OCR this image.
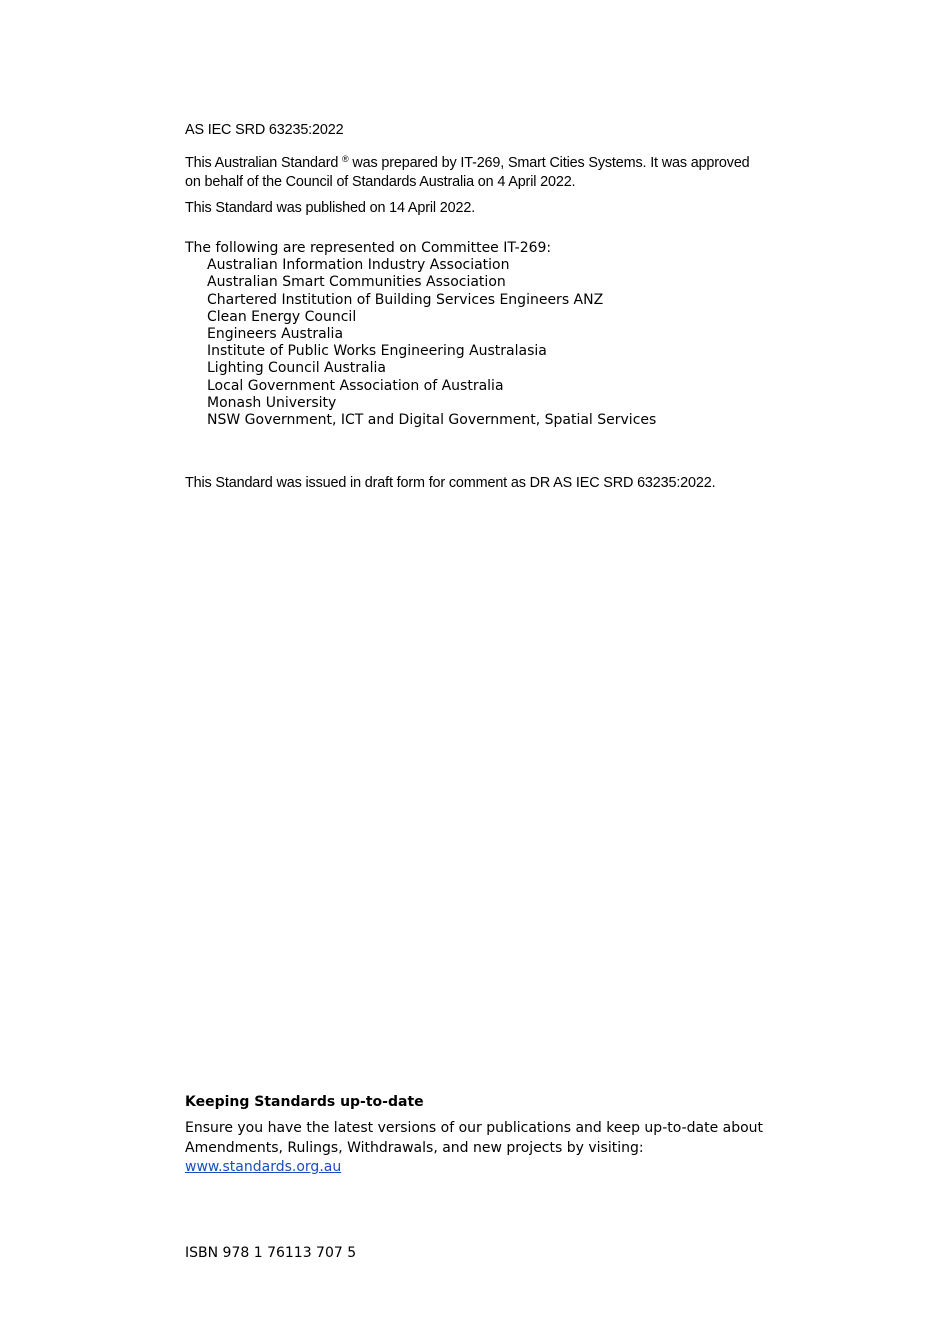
AS IEC SRD 63235:2022

This Australian Standard ® was prepared by IT-269, Smart Cities Systems. It was approved
on behalf of the Council of Standards Australia on 4 April 2022.

This Standard was published on 14 April 2022.

The following are represented on Committee IT-269:
Australian Information Industry Association
Australian Smart Communities Association
Chartered Institution of Building Services Engineers ANZ
Clean Energy Council
Engineers Australia
Institute of Public Works Engineering Australasia
Lighting Council Australia
Local Government Association of Australia
Monash University
NSW Government, ICT and Digital Government, Spatial Services

This Standard was issued in draft form for comment as DR AS IEC SRD 63235:2022.

Keeping Standards up-to-date
Ensure you have the latest versions of our publications and keep up-to-date about
Amendments, Rulings, Withdrawals, and new projects by visiting:
www.standards.org.au
ISBN 978 1 76113 707 5
